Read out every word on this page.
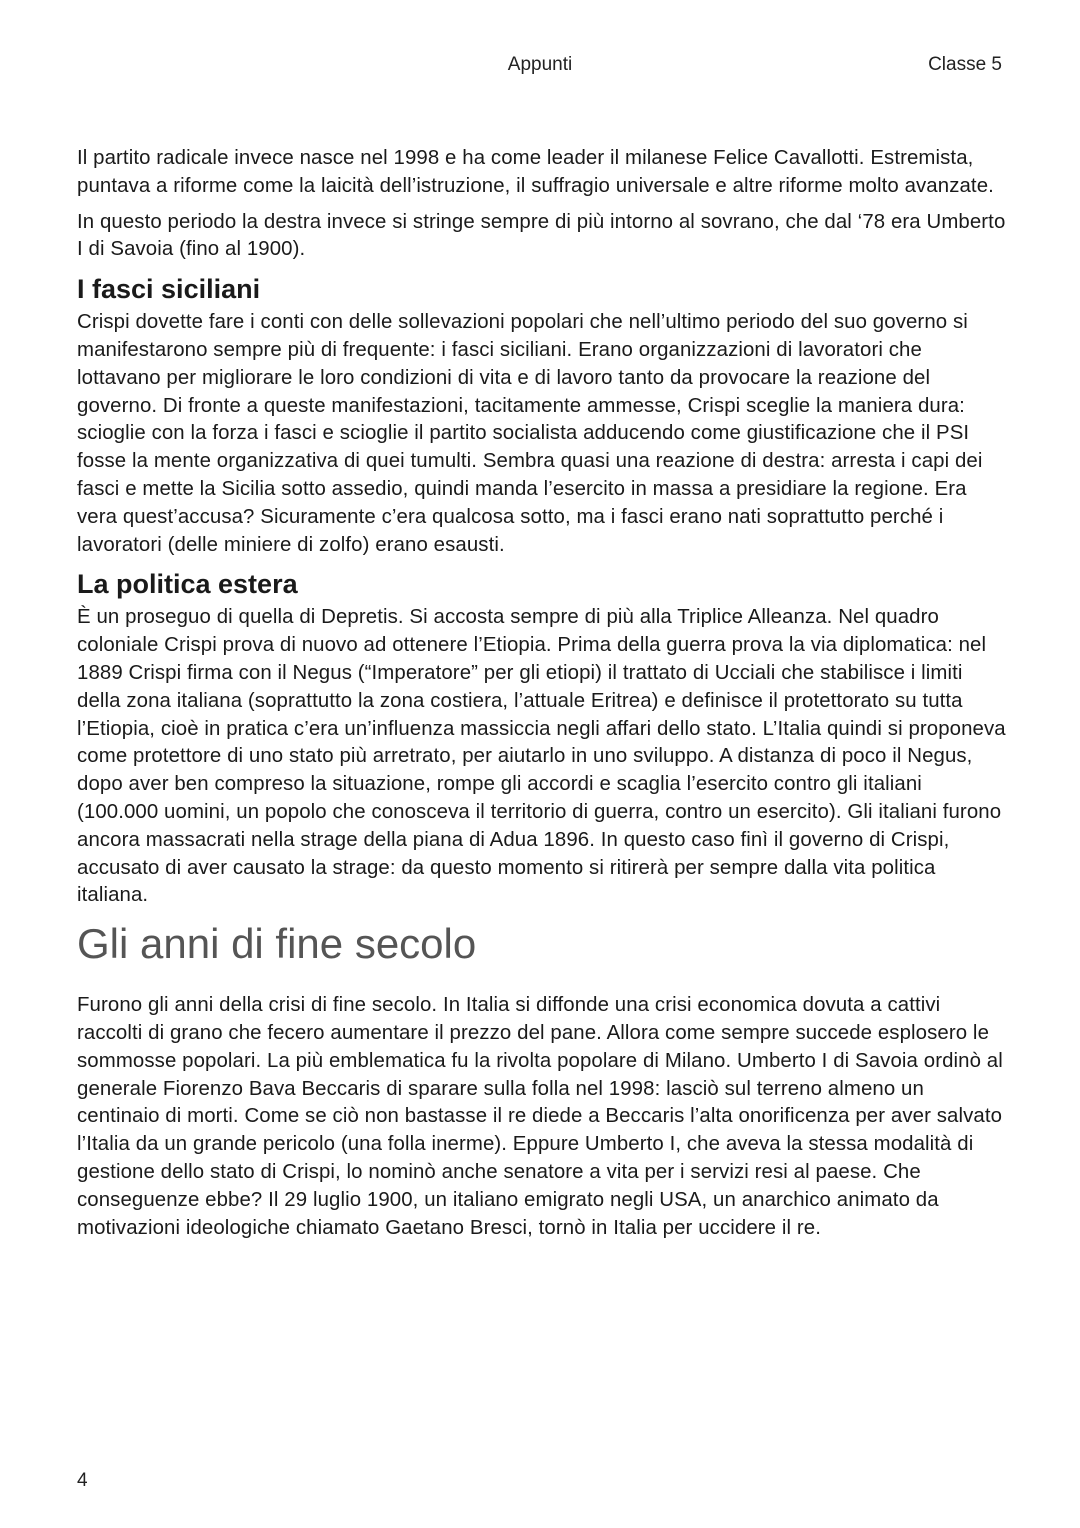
Appunti	Classe 5

Il partito radicale invece nasce nel 1998 e ha come leader il milanese Felice Cavallotti. Estremista, puntava a riforme come la laicità dell’istruzione, il suffragio universale e altre riforme molto avanzate.

In questo periodo la destra invece si stringe sempre di più intorno al sovrano, che dal ‘78 era Umberto I di Savoia (fino al 1900).

I fasci siciliani

Crispi dovette fare i conti con delle sollevazioni popolari che nell’ultimo periodo del suo governo si manifestarono sempre più di frequente: i fasci siciliani. Erano organizzazioni di lavoratori che lottavano per migliorare le loro condizioni di vita e di lavoro tanto da provocare la reazione del governo. Di fronte a queste manifestazioni, tacitamente ammesse, Crispi sceglie la maniera dura: scioglie con la forza i fasci e scioglie il partito socialista adducendo come giustificazione che il PSI fosse la mente organizzativa di quei tumulti. Sembra quasi una reazione di destra: arresta i capi dei fasci e mette la Sicilia sotto assedio, quindi manda l’esercito in massa a presidiare la regione. Era vera quest’accusa? Sicuramente c’era qualcosa sotto, ma i fasci erano nati soprattutto perché i lavoratori (delle miniere di zolfo) erano esausti.

La politica estera

È un proseguo di quella di Depretis. Si accosta sempre di più alla Triplice Alleanza. Nel quadro coloniale Crispi prova di nuovo ad ottenere l’Etiopia. Prima della guerra prova la via diplomatica: nel 1889 Crispi firma con il Negus (“Imperatore” per gli etiopi) il trattato di Ucciali che stabilisce i limiti della zona italiana (soprattutto la zona costiera, l’attuale Eritrea) e definisce il protettorato su tutta l’Etiopia, cioè in pratica c’era un’influenza massiccia negli affari dello stato. L’Italia quindi si proponeva come protettore di uno stato più arretrato, per aiutarlo in uno sviluppo. A distanza di poco il Negus, dopo aver ben compreso la situazione, rompe gli accordi e scaglia l’esercito contro gli italiani (100.000 uomini, un popolo che conosceva il territorio di guerra, contro un esercito). Gli italiani furono ancora massacrati nella strage della piana di Adua 1896. In questo caso finì il governo di Crispi, accusato di aver causato la strage: da questo momento si ritirerà per sempre dalla vita politica italiana.

Gli anni di fine secolo

Furono gli anni della crisi di fine secolo. In Italia si diffonde una crisi economica dovuta a cattivi raccolti di grano che fecero aumentare il prezzo del pane. Allora come sempre succede esplosero le sommosse popolari. La più emblematica fu la rivolta popolare di Milano. Umberto I di Savoia ordinò al generale Fiorenzo Bava Beccaris di sparare sulla folla nel 1998: lasciò sul terreno almeno un centinaio di morti. Come se ciò non bastasse il re diede a Beccaris l’alta onorificenza per aver salvato l’Italia da un grande pericolo (una folla inerme). Eppure Umberto I, che aveva la stessa modalità di gestione dello stato di Crispi, lo nominò anche senatore a vita per i servizi resi al paese. Che conseguenze ebbe? Il 29 luglio 1900, un italiano emigrato negli USA, un anarchico animato da motivazioni ideologiche chiamato Gaetano Bresci, tornò in Italia per uccidere il re.

4
